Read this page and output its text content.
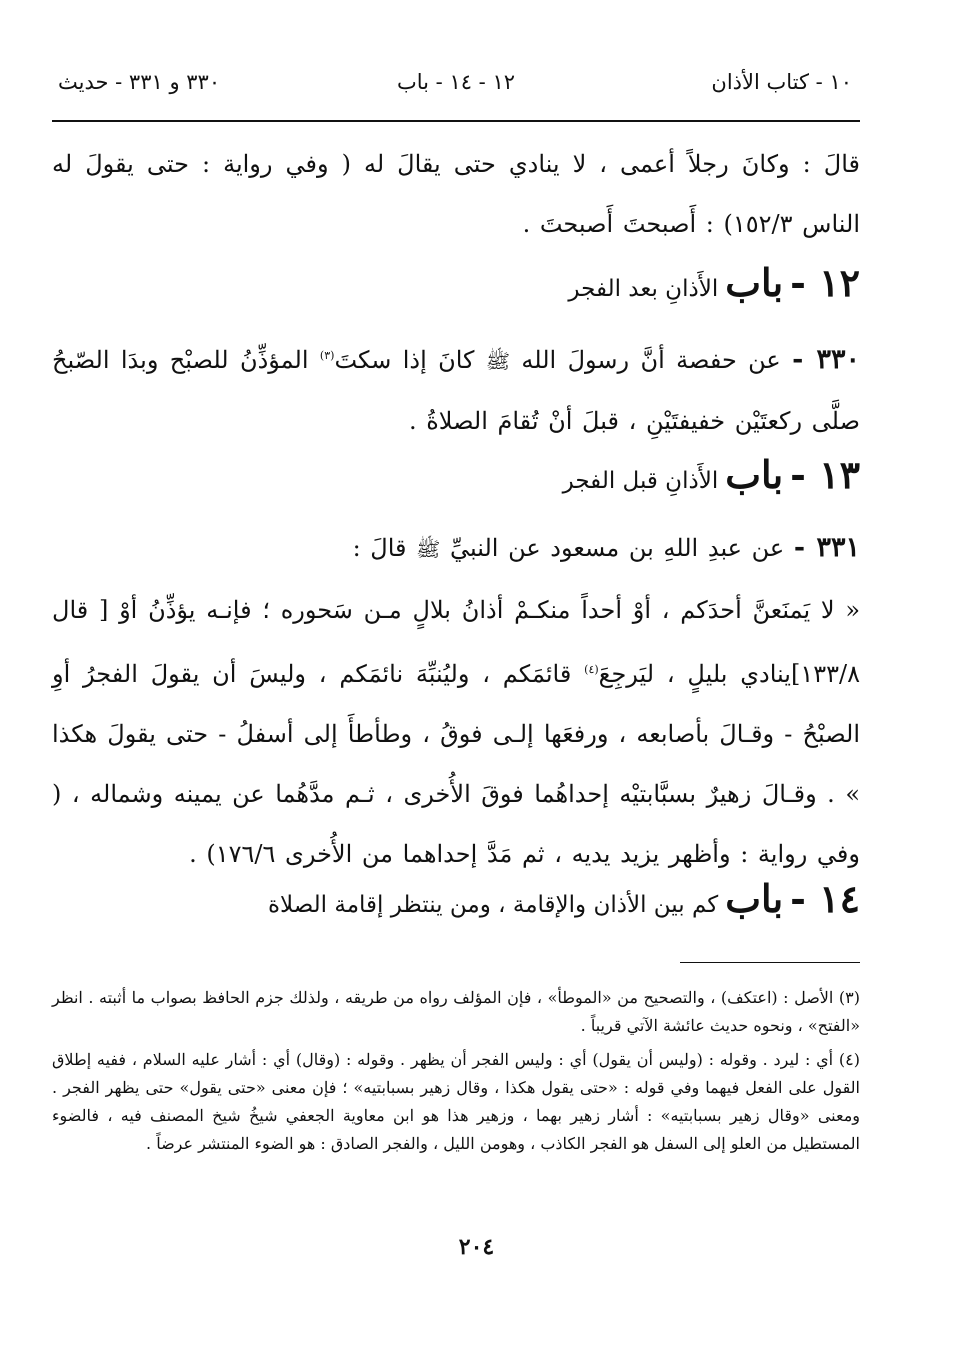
١٠ - كتاب الأذان
١٢ - ١٤ - باب
٣٣٠ و ٣٣١ - حديث
قالَ : وكانَ رجلاً أعمى ، لا ينادي حتى يقالَ له ( وفي رواية : حتى يقولَ له الناس ١٥٢/٣) : أَصبحتَ أَصبحتَ .
١٢ - باب الأَذانِ بعد الفجر
٣٣٠ - عن حفصة أنَّ رسولَ الله ﷺ كانَ إذا سكتَ$^{(٣)}$ المؤذِّنُ للصبْح وبدَا الصّبحُ صلَّى ركعتَيْن خفيفتَيْنِ ، قبلَ أنْ تُقامَ الصلاةُ .
١٣ - باب الأَذانِ قبل الفجر
٣٣١ - عن عبدِ اللهِ بن مسعود عن النبيِّ ﷺ قالَ :
« لا يَمنَعنَّ أحدَكم ، أوْ أحداً منكـمْ أذانُ بلالٍ مـن سَحوره ؛ فإنـه يؤذِّنُ أوْ [ قال ١٣٣/٨]ينادي بليلٍ ، ليَرجِعَ$^{(٤)}$ قائمَكم ، وليُنبِّهَ نائمَكم ، وليسَ أن يقولَ الفجرُ أوِ الصبْحُ - وقـالَ بأصابعه ، ورفعَها إلـى فوقُ ، وطأطأَ إلى أسفلُ - حتى يقولَ هكذا » . وقـالَ زهيرٌ بسبَّابتيْه إحداهُما فوقَ الأُخرى ، ثـم مدَّهُما عن يمينه وشماله ، ( وفي رواية : وأظهر يزيد يديه ، ثم مَدَّ إحداهما من الأُخرى ١٧٦/٦) .
١٤ - باب كم بين الأذان والإقامة ، ومن ينتظر إقامة الصلاة
(٣) الأصل : (اعتكف) ، والتصحيح من «الموطأ» ، فإن المؤلف رواه من طريقه ، ولذلك جزم الحافظ بصواب ما أثبته . انظر «الفتح» ، ونحوه حديث عائشة الآتي قريباً .
(٤) أي : ليرد . وقوله : (وليس أن يقول) أي : وليس الفجر أن يظهر . وقوله : (وقال) أي : أشار عليه السلام ، ففيه إطلاق القول على الفعل فيهما وفي قوله : «حتى يقول هكذا ، وقال زهير بسبابتيه» ؛ فإن معنى «حتى يقول» حتى يظهر الفجر . ومعنى «وقال زهير بسبابتيه» : أشار زهير بهما ، وزهير هذا هو ابن معاوية الجعفي شيخُ شيخ المصنف فيه ، فالضوء المستطيل من العلو إلى السفل هو الفجر الكاذب ، وهومن الليل ، والفجر الصادق : هو الضوء المنتشر عرضاً .
٢٠٤
